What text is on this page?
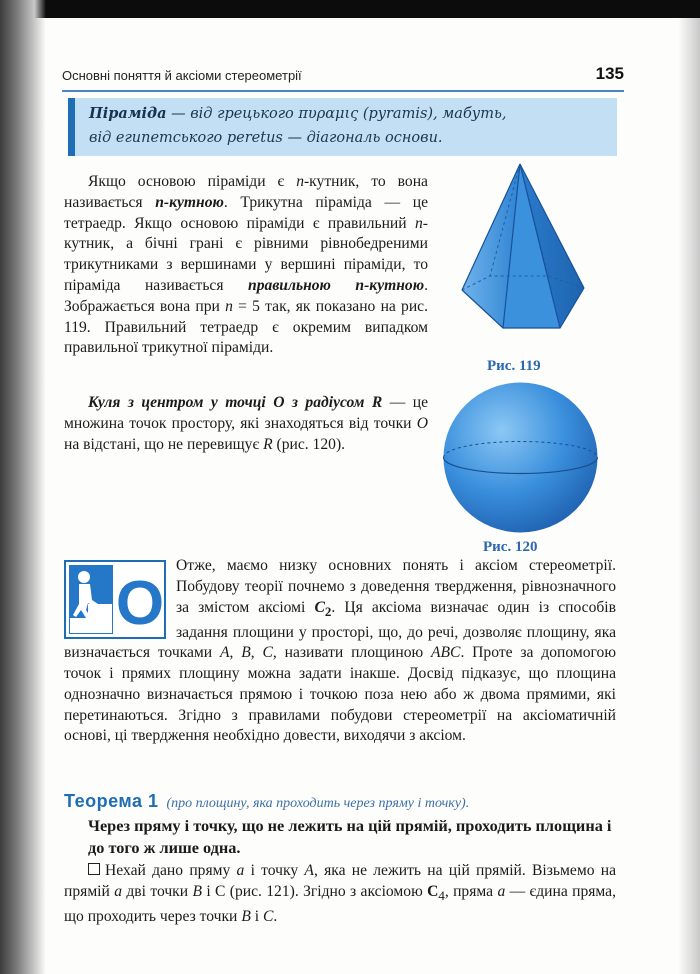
Основні поняття й аксіоми стереометрії	135
Піраміда — від грецького πυραμις (pyramis), мабуть,
від египетського peretus — діагональ основи.
Якщо основою піраміди є n-кутник, то вона називається n-кутною. Трикутна піраміда — це тетраедр. Якщо основою піраміди є правильний n-кутник, а бічні грані є рівними рівнобедреними трикутниками з вершинами у вершині піраміди, то піраміда називається правильною n-кутною. Зображається вона при n = 5 так, як показано на рис. 119. Правильний тетраедр є окремим випадком правильної трикутної піраміди.
Куля з центром у точці O з радіусом R — це множина точок простору, які знаходяться від точки O на відстані, що не перевищує R (рис. 120).
Рис. 119
Рис. 120
O
Отже, маємо низку основних понять і аксіом стереометрії. Побудову теорії почнемо з доведення твердження, рівнозначного за змістом аксіомі $C_2$. Ця аксіома визначає один із способів задання площини у просторі, що, до речі, дозволяє площину, яка визначається точками A, B, C, називати площиною ABC. Проте за допомогою точок і прямих площину можна задати інакше. Досвід підказує, що площина однозначно визначається прямою і точкою поза нею або ж двома прямими, які перетинаються. Згідно з правилами побудови стереометрії на аксіоматичній основі, ці твердження необхідно довести, виходячи з аксіом.
Теорема 1 (про площину, яка проходить через пряму і точку).
Через пряму і точку, що не лежить на цій прямій, проходить площина і до того ж лише одна.
Нехай дано пряму a і точку A, яка не лежить на цій прямій. Візьмемо на прямій a дві точки B і C (рис. 121). Згідно з аксіомою $C_4$, пряма a — єдина пряма, що проходить через точки B і C.
